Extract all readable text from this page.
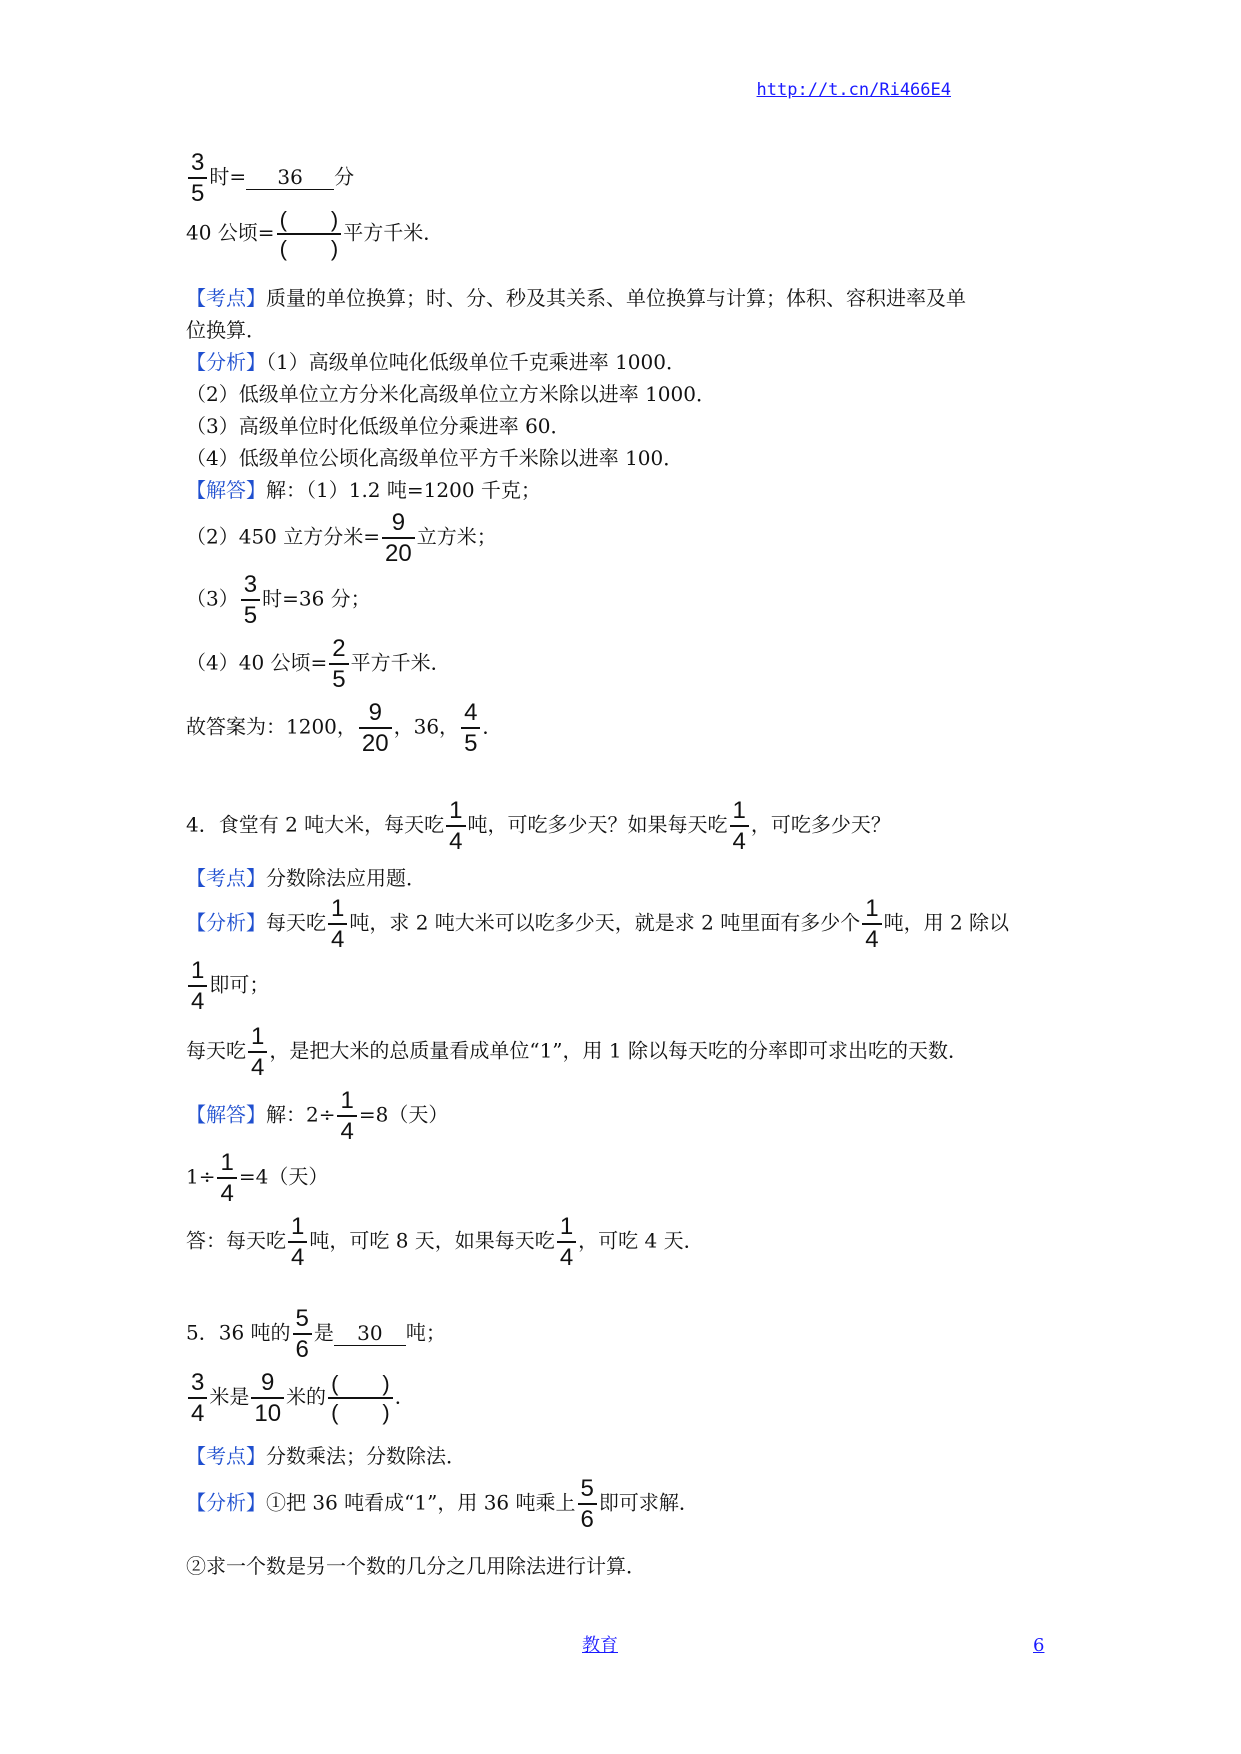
http://t.cn/Ri466E4
$\frac{3}{5}$ 时= 36 分
40 公顷= $\frac{( )}{( )}$ 平方千米．
【考点】质量的单位换算；时、分、秒及其关系、单位换算与计算；体积、容积进率及单
位换算．
【分析】（1）高级单位吨化低级单位千克乘进率 1000．
（2）低级单位立方分米化高级单位立方米除以进率 1000．
（3）高级单位时化低级单位分乘进率 60．
（4）低级单位公顷化高级单位平方千米除以进率 100．
【解答】解：（1）1.2 吨=1200 千克；
（2）450 立方分米= $\frac{9}{20}$ 立方米；
$(3) \frac{3}{5}$ 时=36 分；
（4）40 公顷= $\frac{2}{5}$ 平方千米．
故答案为：1200， $\frac{9}{20}$ ，36， $\frac{4}{5}$ ．
4．食堂有 2 吨大米，每天吃 $\frac{1}{4}$ 吨，可吃多少天？如果每天吃 $\frac{1}{4}$ ，可吃多少天？
【考点】分数除法应用题．
【分析】每天吃 $\frac{1}{4}$ 吨，求 2 吨大米可以吃多少天，就是求 2 吨里面有多少个 $\frac{1}{4}$ 吨，用 2 除以
$\frac{1}{4}$ 即可；
每天吃 $\frac{1}{4}$ ，是把大米的总质量看成单位“1”，用 1 除以每天吃的分率即可求出吃的天数．
【解答】解：$2\div \frac{1}{4} =8$（天）
$1\div \frac{1}{4} =4$（天）
答：每天吃 $\frac{1}{4}$ 吨，可吃 8 天，如果每天吃 $\frac{1}{4}$ ，可吃 4 天．
5．36 吨的 $\frac{5}{6}$ 是 30 吨；
$\frac{3}{4}$ 米是 $\frac{9}{10}$ 米的 $\frac{( )}{( )}$ ．
【考点】分数乘法；分数除法．
【分析】①把 36 吨看成“1”，用 36 吨乘上 $\frac{5}{6}$ 即可求解．
②求一个数是另一个数的几分之几用除法进行计算．
教育	6
